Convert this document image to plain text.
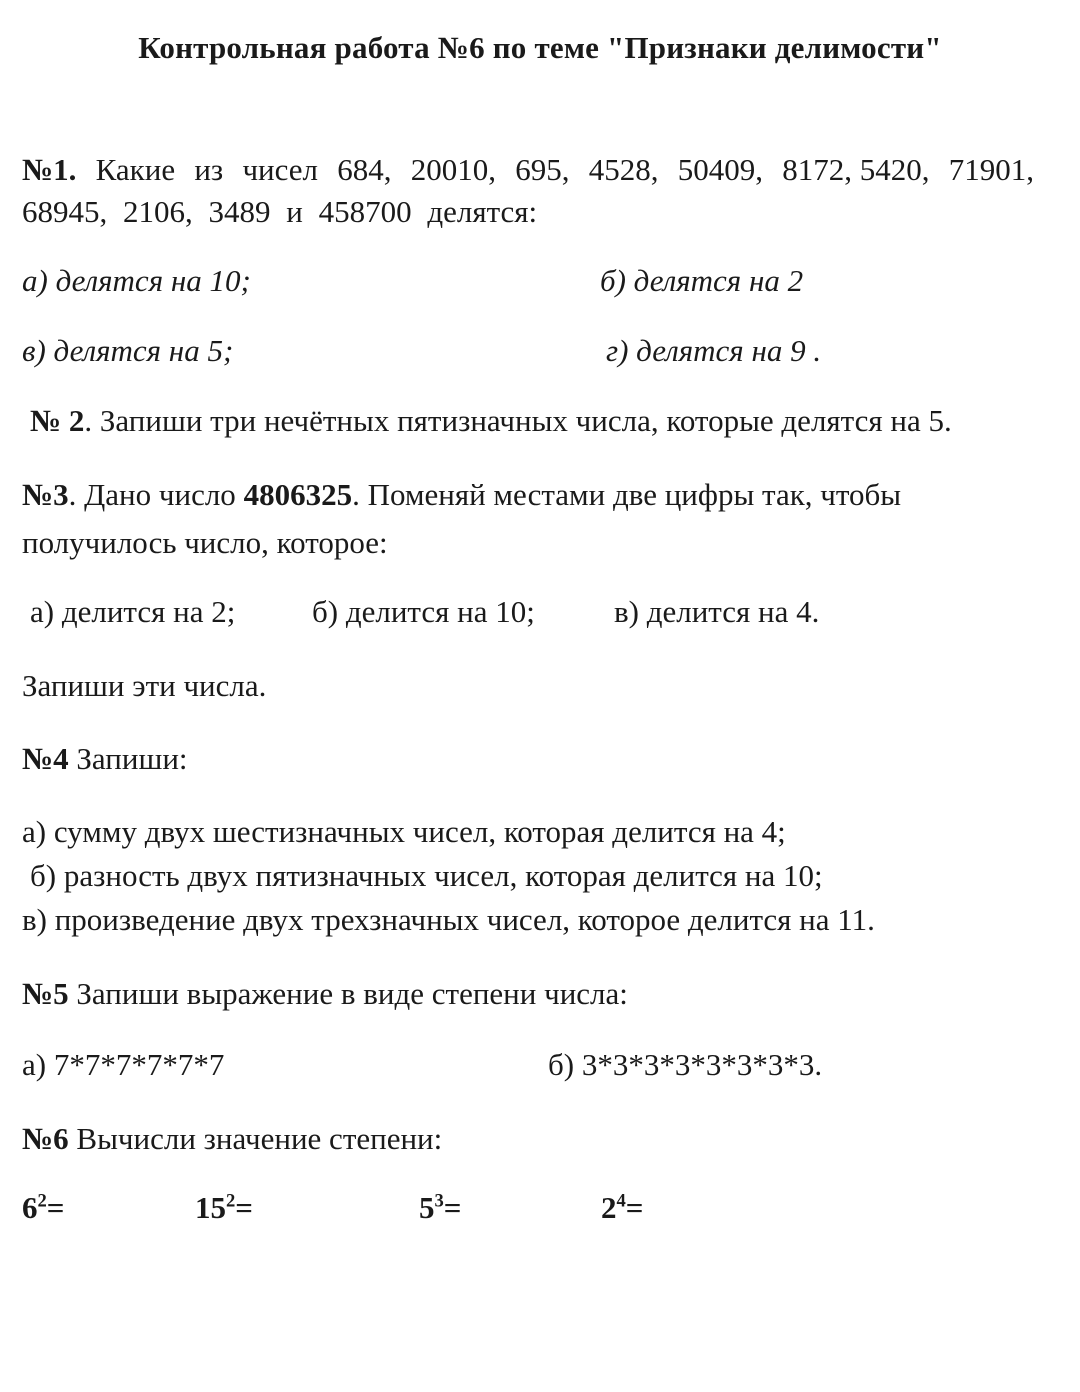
Контрольная работа №6 по теме "Признаки делимости"
№1. Какие из чисел 684, 20010, 695, 4528, 50409, 8172, 5420, 71901,
68945, 2106, 3489 и 458700 делятся:
а) делятся на 10;	б) делятся на 2
в) делятся на 5;	г) делятся на 9 .
№ 2. Запиши три нечётных пятизначных числа, которые делятся на 5.
№3. Дано число 4806325. Поменяй местами две цифры так, чтобы
получилось число, которое:
а) делится на 2; б) делится на 10;	в) делится на 4.
Запиши эти числа.
№4 Запиши:
а) сумму двух шестизначных чисел, которая делится на 4;
б) разность двух пятизначных чисел, которая делится на 10;
в) произведение двух трехзначных чисел, которое делится на 11.
№5 Запиши выражение в виде степени числа:
а) 7*7*7*7*7*7	б) 3*3*3*3*3*3*3*3.
№6 Вычисли значение степени:
$6^2=$	$15^2=$	$5^3=$	$2^4=$
